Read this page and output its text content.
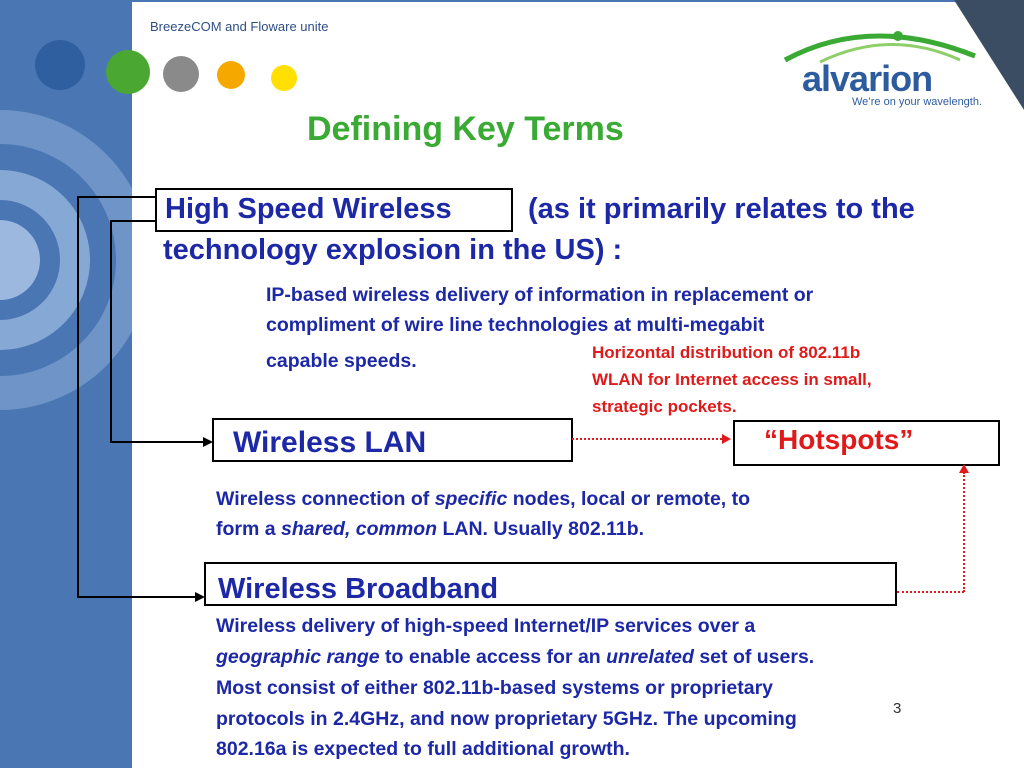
BreezeCOM and Floware unite
alvarion
We’re on your wavelength.
Defining Key Terms
High Speed Wireless	(as it primarily relates to the
technology explosion in the US) :
IP-based wireless delivery of information in replacement or
compliment of wire line technologies at multi-megabit
capable speeds.	Horizontal distribution of 802.11b
WLAN for Internet access in small,
strategic pockets.
Wireless LAN	“Hotspots”
Wireless connection of specific nodes, local or remote, to
form a shared, common LAN. Usually 802.11b.
Wireless Broadband
Wireless delivery of high-speed Internet/IP services over a
geographic range to enable access for an unrelated set of users.
Most consist of either 802.11b-based systems or proprietary
protocols in 2.4GHz, and now proprietary 5GHz. The upcoming
802.16a is expected to full additional growth.
3
